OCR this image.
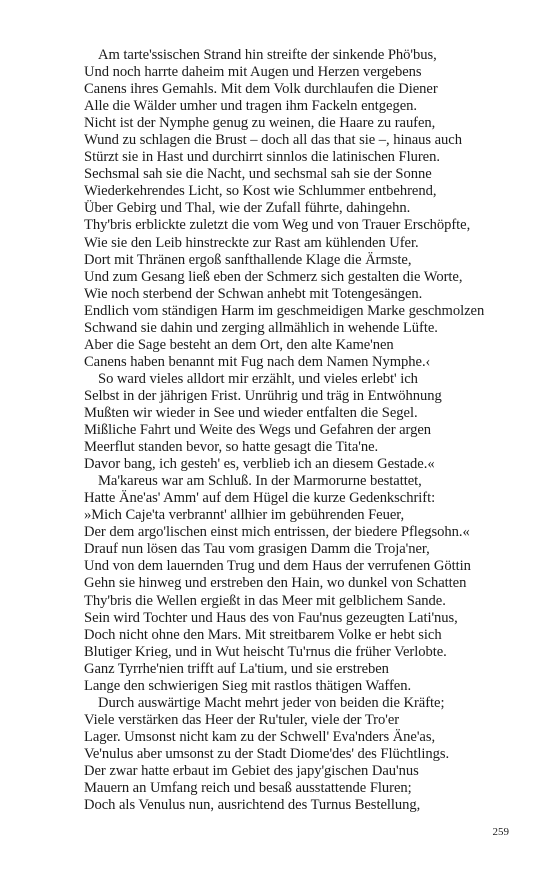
Am tarte'ssischen Strand hin streifte der sinkende Phö'bus,
Und noch harrte daheim mit Augen und Herzen vergebens
Canens ihres Gemahls. Mit dem Volk durchlaufen die Diener
Alle die Wälder umher und tragen ihm Fackeln entgegen.
Nicht ist der Nymphe genug zu weinen, die Haare zu raufen,
Wund zu schlagen die Brust – doch all das that sie –, hinaus auch
Stürzt sie in Hast und durchirrt sinnlos die latinischen Fluren.
Sechsmal sah sie die Nacht, und sechsmal sah sie der Sonne
Wiederkehrendes Licht, so Kost wie Schlummer entbehrend,
Über Gebirg und Thal, wie der Zufall führte, dahingehn.
Thy'bris erblickte zuletzt die vom Weg und von Trauer Erschöpfte,
Wie sie den Leib hinstreckte zur Rast am kühlenden Ufer.
Dort mit Thränen ergoß sanfthallende Klage die Ärmste,
Und zum Gesang ließ eben der Schmerz sich gestalten die Worte,
Wie noch sterbend der Schwan anhebt mit Totengesängen.
Endlich vom ständigen Harm im geschmeidigen Marke geschmolzen
Schwand sie dahin und zerging allmählich in wehende Lüfte.
Aber die Sage besteht an dem Ort, den alte Kame'nen
Canens haben benannt mit Fug nach dem Namen Nymphe.‹
So ward vieles alldort mir erzählt, und vieles erlebt' ich
Selbst in der jährigen Frist. Unrührig und träg in Entwöhnung
Mußten wir wieder in See und wieder entfalten die Segel.
Mißliche Fahrt und Weite des Wegs und Gefahren der argen
Meerflut standen bevor, so hatte gesagt die Tita'ne.
Davor bang, ich gesteh' es, verblieb ich an diesem Gestade.«
Ma'kareus war am Schluß. In der Marmorurne bestattet,
Hatte Äne'as' Amm' auf dem Hügel die kurze Gedenkschrift:
»Mich Caje'ta verbrannt' allhier im gebührenden Feuer,
Der dem argo'lischen einst mich entrissen, der biedere Pflegsohn.«
Drauf nun lösen das Tau vom grasigen Damm die Troja'ner,
Und von dem lauernden Trug und dem Haus der verrufenen Göttin
Gehn sie hinweg und erstreben den Hain, wo dunkel von Schatten
Thy'bris die Wellen ergießt in das Meer mit gelblichem Sande.
Sein wird Tochter und Haus des von Fau'nus gezeugten Lati'nus,
Doch nicht ohne den Mars. Mit streitbarem Volke er hebt sich
Blutiger Krieg, und in Wut heischt Tu'rnus die früher Verlobte.
Ganz Tyrrhe'nien trifft auf La'tium, und sie erstreben
Lange den schwierigen Sieg mit rastlos thätigen Waffen.
Durch auswärtige Macht mehrt jeder von beiden die Kräfte;
Viele verstärken das Heer der Ru'tuler, viele der Tro'er
Lager. Umsonst nicht kam zu der Schwell' Eva'nders Äne'as,
Ve'nulus aber umsonst zu der Stadt Diome'des' des Flüchtlings.
Der zwar hatte erbaut im Gebiet des japy'gischen Dau'nus
Mauern an Umfang reich und besaß ausstattende Fluren;
Doch als Venulus nun, ausrichtend des Turnus Bestellung,
259
